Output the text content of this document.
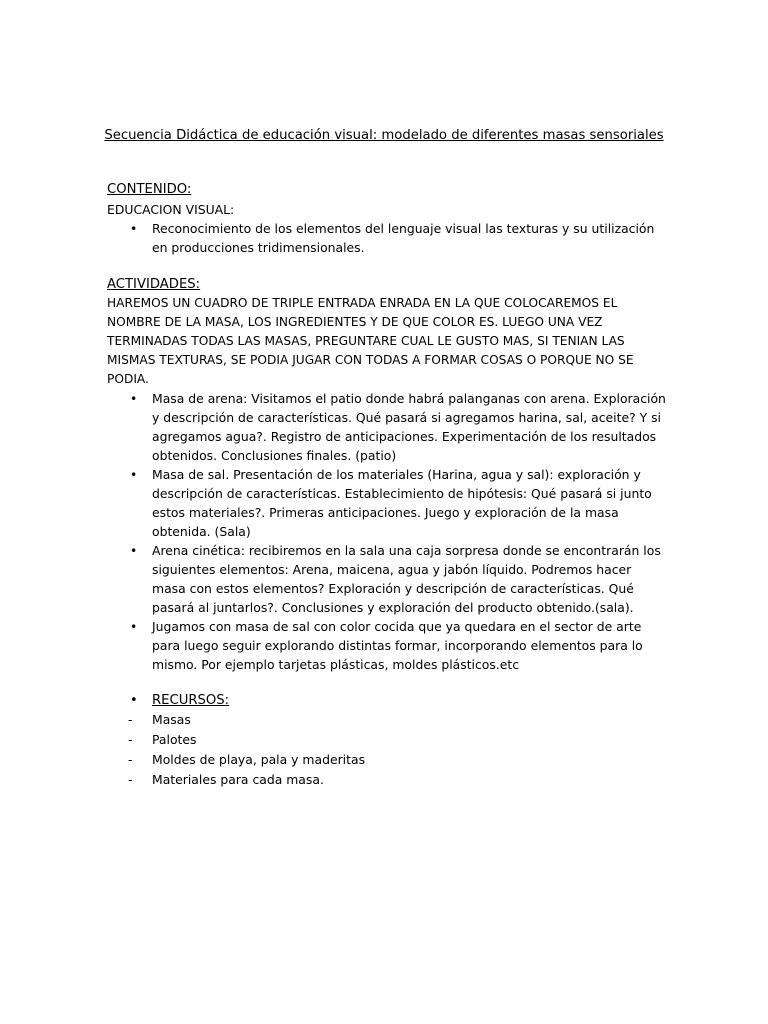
Secuencia Didáctica de educación visual: modelado de diferentes masas sensoriales
CONTENIDO:
EDUCACION VISUAL:
• Reconocimiento de los elementos del lenguaje visual las texturas y su utilización en producciones tridimensionales.
ACTIVIDADES:
HAREMOS UN CUADRO DE TRIPLE ENTRADA ENRADA EN LA QUE COLOCAREMOS EL NOMBRE DE LA MASA, LOS INGREDIENTES Y DE QUE COLOR ES. LUEGO UNA VEZ TERMINADAS TODAS LAS MASAS, PREGUNTARE CUAL LE GUSTO MAS, SI TENIAN LAS MISMAS TEXTURAS, SE PODIA JUGAR CON TODAS A FORMAR COSAS O PORQUE NO SE PODIA.
• Masa de arena: Visitamos el patio donde habrá palanganas con arena. Exploración y descripción de características. Qué pasará si agregamos harina, sal, aceite? Y si agregamos agua?. Registro de anticipaciones. Experimentación de los resultados obtenidos. Conclusiones finales. (patio)
• Masa de sal. Presentación de los materiales (Harina, agua y sal): exploración y descripción de características. Establecimiento de hipótesis: Qué pasará si junto estos materiales?. Primeras anticipaciones. Juego y exploración de la masa obtenida. (Sala)
• Arena cinética: recibiremos en la sala una caja sorpresa donde se encontrarán los siguientes elementos: Arena, maicena, agua y jabón líquido. Podremos hacer masa con estos elementos? Exploración y descripción de características. Qué pasará al juntarlos?. Conclusiones y exploración del producto obtenido.(sala).
• Jugamos con masa de sal con color cocida que ya quedara en el sector de arte para luego seguir explorando distintas formar, incorporando elementos para lo mismo. Por ejemplo tarjetas plásticas, moldes plásticos.etc
• RECURSOS:
- Masas
- Palotes
- Moldes de playa, pala y maderitas
- Materiales para cada masa.
